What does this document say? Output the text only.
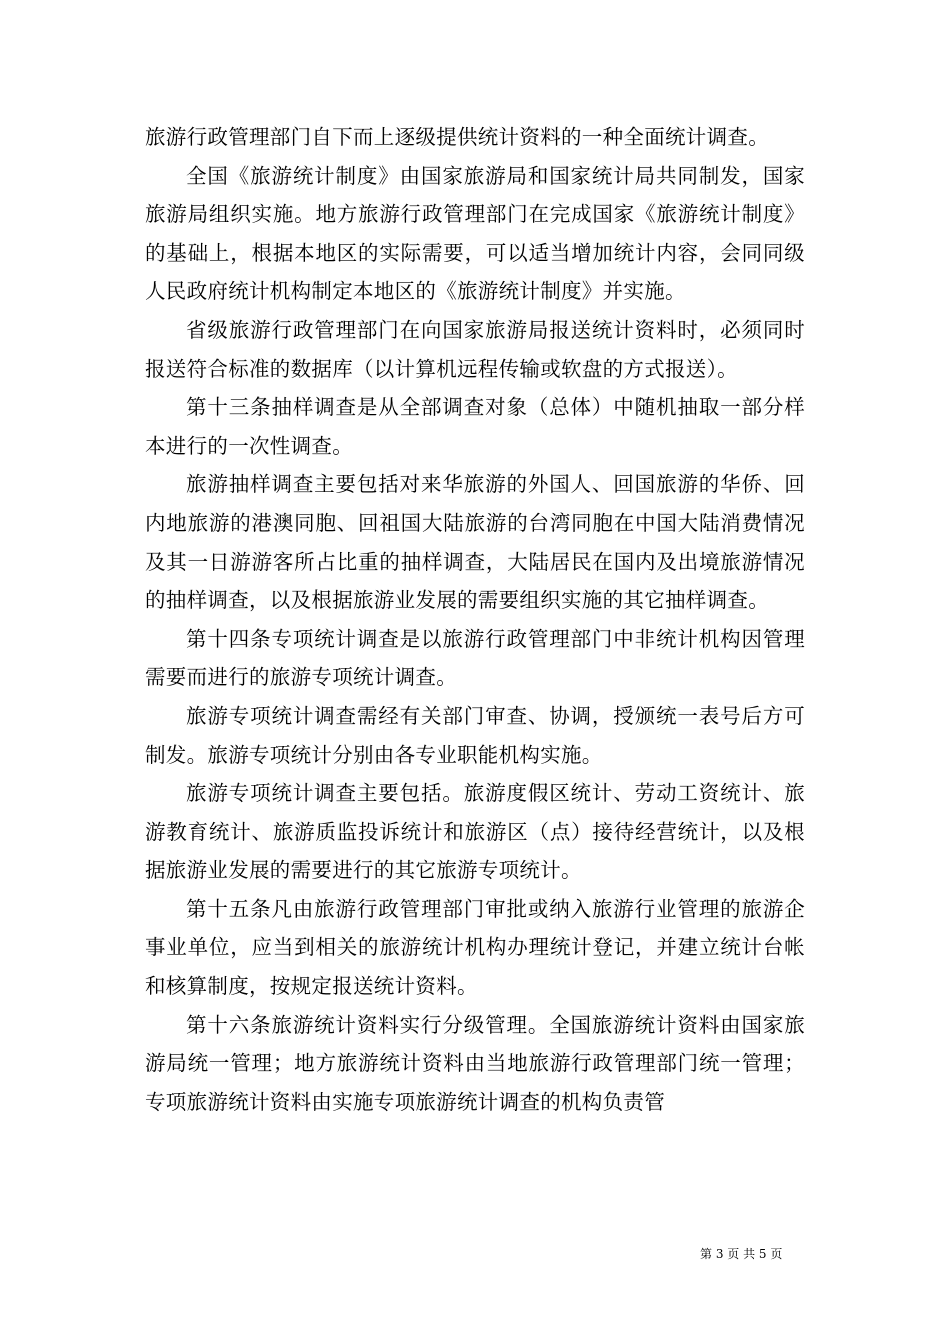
旅游行政管理部门自下而上逐级提供统计资料的一种全面统计调查。

全国《旅游统计制度》由国家旅游局和国家统计局共同制发，国家旅游局组织实施。地方旅游行政管理部门在完成国家《旅游统计制度》的基础上，根据本地区的实际需要，可以适当增加统计内容，会同同级人民政府统计机构制定本地区的《旅游统计制度》并实施。

省级旅游行政管理部门在向国家旅游局报送统计资料时，必须同时报送符合标准的数据库（以计算机远程传输或软盘的方式报送）。

第十三条抽样调查是从全部调查对象（总体）中随机抽取一部分样本进行的一次性调查。

旅游抽样调查主要包括对来华旅游的外国人、回国旅游的华侨、回内地旅游的港澳同胞、回祖国大陆旅游的台湾同胞在中国大陆消费情况及其一日游游客所占比重的抽样调查，大陆居民在国内及出境旅游情况的抽样调查，以及根据旅游业发展的需要组织实施的其它抽样调查。

第十四条专项统计调查是以旅游行政管理部门中非统计机构因管理需要而进行的旅游专项统计调查。

旅游专项统计调查需经有关部门审查、协调，授颁统一表号后方可制发。旅游专项统计分别由各专业职能机构实施。

旅游专项统计调查主要包括。旅游度假区统计、劳动工资统计、旅游教育统计、旅游质监投诉统计和旅游区（点）接待经营统计，以及根据旅游业发展的需要进行的其它旅游专项统计。

第十五条凡由旅游行政管理部门审批或纳入旅游行业管理的旅游企事业单位，应当到相关的旅游统计机构办理统计登记，并建立统计台帐和核算制度，按规定报送统计资料。

第十六条旅游统计资料实行分级管理。全国旅游统计资料由国家旅游局统一管理；地方旅游统计资料由当地旅游行政管理部门统一管理；专项旅游统计资料由实施专项旅游统计调查的机构负责管

第 3 页 共 5 页
